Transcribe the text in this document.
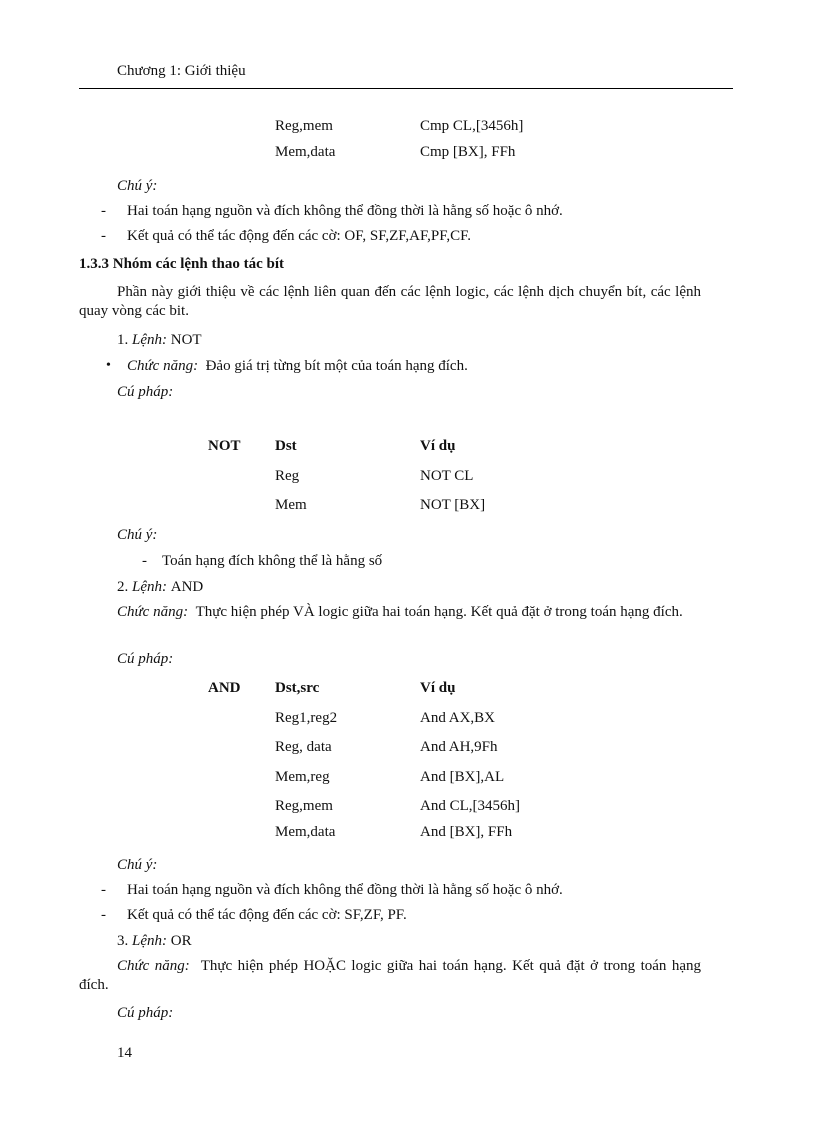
Chương 1: Giới thiệu
Reg,mem	Cmp CL,[3456h]
Mem,data	Cmp [BX], FFh
Chú ý:
- Hai toán hạng nguồn và đích không thể đồng thời là hằng số hoặc ô nhớ.
- Kết quả có thể tác động đến các cờ: OF, SF,ZF,AF,PF,CF.
1.3.3 Nhóm các lệnh thao tác bít
Phần này giới thiệu về các lệnh liên quan đến các lệnh logic, các lệnh dịch chuyển bít, các lệnh quay vòng các bit.
1. Lệnh: NOT
• Chức năng: Đảo giá trị từng bít một của toán hạng đích.
Cú pháp:
NOT Dst	Ví dụ
Reg	NOT CL
Mem	NOT [BX]
Chú ý:
- Toán hạng đích không thể là hằng số
2. Lệnh: AND
Chức năng: Thực hiện phép VÀ logic giữa hai toán hạng. Kết quả đặt ở trong toán hạng đích.
Cú pháp:
AND Dst,src	Ví dụ
Reg1,reg2	And AX,BX
Reg, data	And AH,9Fh
Mem,reg	And [BX],AL
Reg,mem	And CL,[3456h]
Mem,data	And [BX], FFh
Chú ý:
- Hai toán hạng nguồn và đích không thể đồng thời là hằng số hoặc ô nhớ.
- Kết quả có thể tác động đến các cờ: SF,ZF, PF.
3. Lệnh: OR
Chức năng: Thực hiện phép HOẶC logic giữa hai toán hạng. Kết quả đặt ở trong toán hạng đích.
Cú pháp:
14
